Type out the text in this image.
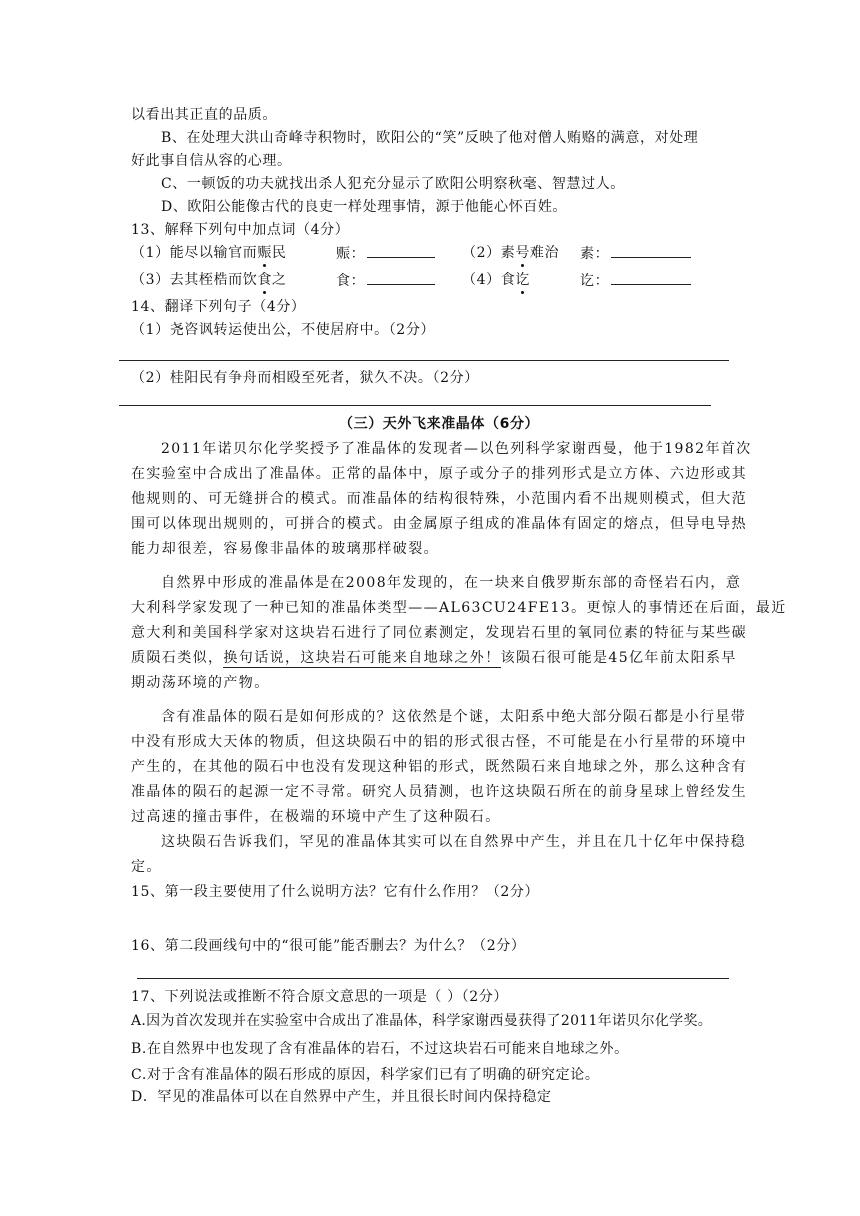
以看出其正直的品质。
B、在处理大洪山奇峰寺积物时，欧阳公的“笑”反映了他对僧人贿赂的满意，对处理
好此事自信从容的心理。
C、一顿饭的功夫就找出杀人犯充分显示了欧阳公明察秋毫、智慧过人。
D、欧阳公能像古代的良吏一样处理事情，源于他能心怀百姓。
13、解释下列句中加点词（4分）
（1）能尽以输官而赈民	赈：	（2）素号难治 素：
（3）去其桎梏而饮食之	食：	（4）食讫	讫：
14、翻译下列句子（4分）
（1）尧咨讽转运使出公，不使居府中。（2分）
（2）桂阳民有争舟而相殴至死者，狱久不决。（2分）
（三）天外飞来准晶体（6分）
2011年诺贝尔化学奖授予了准晶体的发现者—以色列科学家谢西曼，他于1982年首次
在实验室中合成出了准晶体。正常的晶体中，原子或分子的排列形式是立方体、六边形或其
他规则的、可无缝拼合的模式。而准晶体的结构很特殊，小范围内看不出规则模式，但大范
围可以体现出规则的，可拼合的模式。由金属原子组成的准晶体有固定的熔点，但导电导热
能力却很差，容易像非晶体的玻璃那样破裂。
自然界中形成的准晶体是在2008年发现的，在一块来自俄罗斯东部的奇怪岩石内，意
大利科学家发现了一种已知的准晶体类型——AL63CU24FE13。更惊人的事情还在后面，最近
意大利和美国科学家对这块岩石进行了同位素测定，发现岩石里的氧同位素的特征与某些碳
质陨石类似，换句话说，这块岩石可能来自地球之外！该陨石很可能是45亿年前太阳系早
期动荡环境的产物。
含有准晶体的陨石是如何形成的？这依然是个谜，太阳系中绝大部分陨石都是小行星带
中没有形成大天体的物质，但这块陨石中的铝的形式很古怪，不可能是在小行星带的环境中
产生的，在其他的陨石中也没有发现这种铝的形式，既然陨石来自地球之外，那么这种含有
准晶体的陨石的起源一定不寻常。研究人员猜测，也许这块陨石所在的前身星球上曾经发生
过高速的撞击事件，在极端的环境中产生了这种陨石。
这块陨石告诉我们，罕见的准晶体其实可以在自然界中产生，并且在几十亿年中保持稳
定。
15、第一段主要使用了什么说明方法？它有什么作用？（2分）
16、第二段画线句中的“很可能”能否删去？为什么？（2分）
17、下列说法或推断不符合原文意思的一项是（ ）（2分）
A.因为首次发现并在实验室中合成出了准晶体，科学家谢西曼获得了2011年诺贝尔化学奖。
B.在自然界中也发现了含有准晶体的岩石，不过这块岩石可能来自地球之外。
C.对于含有准晶体的陨石形成的原因，科学家们已有了明确的研究定论。
D．罕见的准晶体可以在自然界中产生，并且很长时间内保持稳定
